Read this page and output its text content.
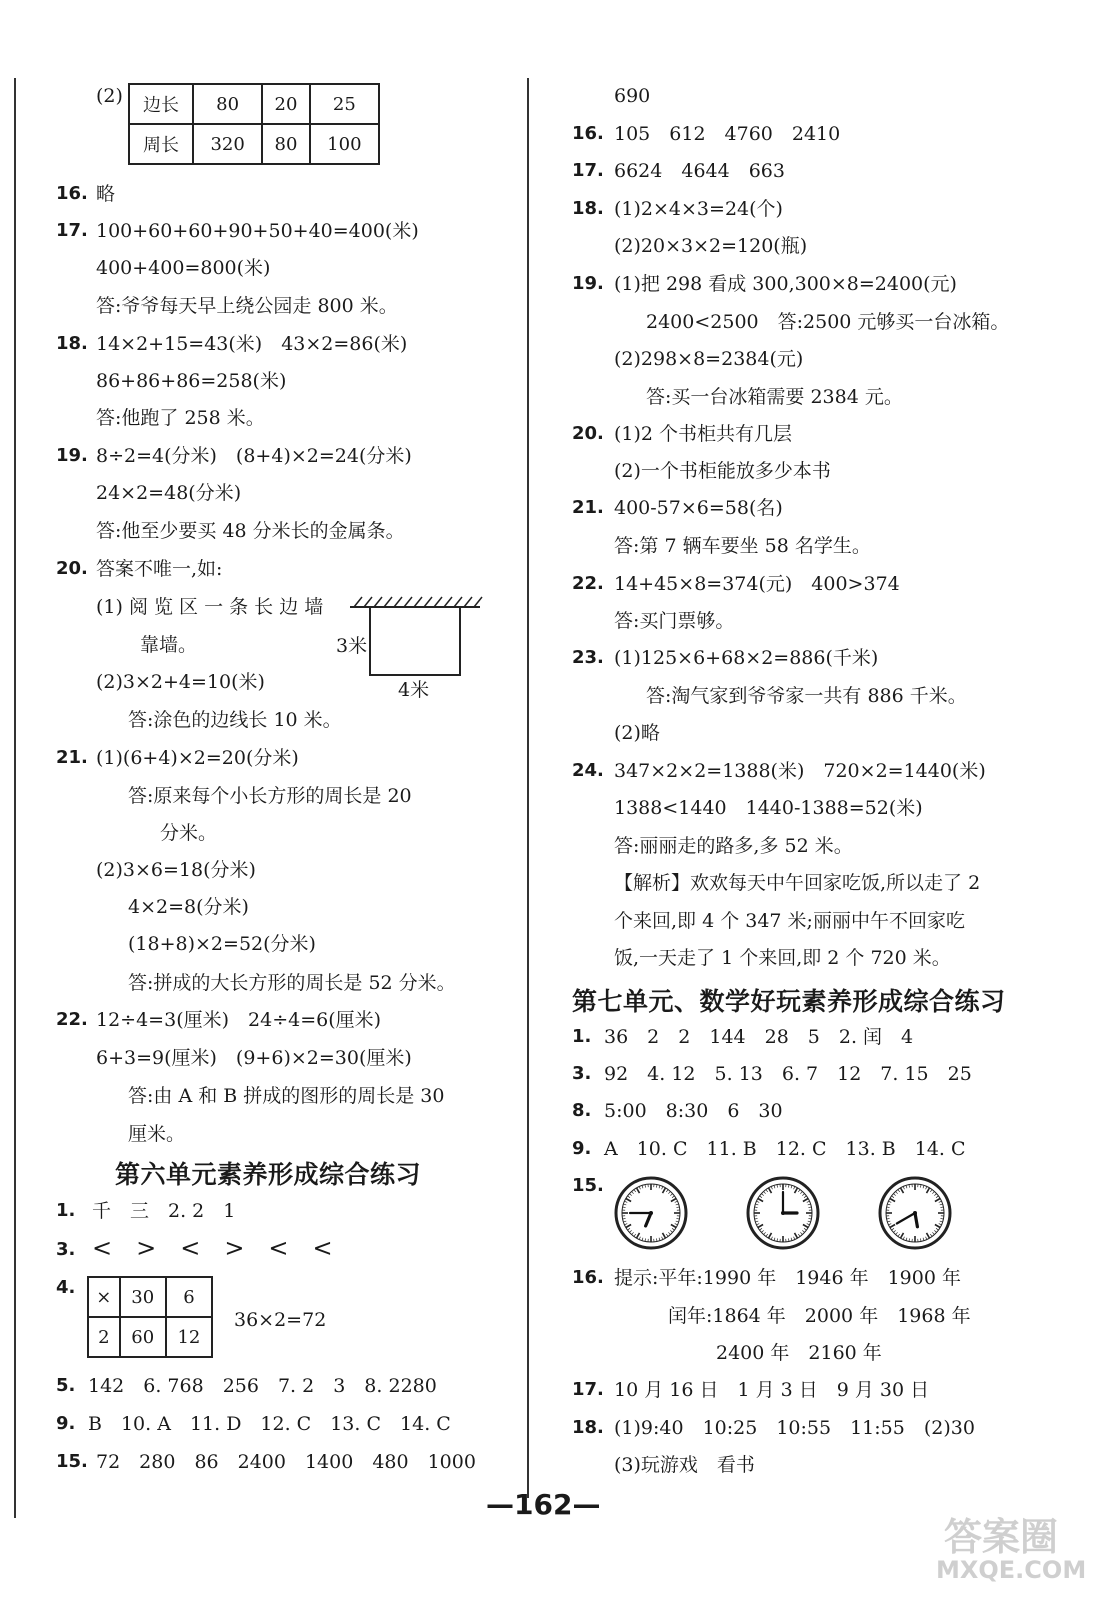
(2) 边长	80	20	25
周长	320	80	100
16. 略
17. 100+60+60+90+50+40=400(米)
400+400=800(米)
答:爷爷每天早上绕公园走 800 米。
18. 14×2+15=43(米)　43×2=86(米)
86+86+86=258(米)
答:他跑了 258 米。
19. 8÷2=4(分米)　(8+4)×2=24(分米)
24×2=48(分米)
答:他至少要买 48 分米长的金属条。
20. 答案不唯一,如:
(1) 阅 览 区 一 条 长 边 墙
靠墙。	3米
4米
(2)3×2+4=10(米)
答:涂色的边线长 10 米。
21. (1)(6+4)×2=20(分米)
答:原来每个小长方形的周长是 20
分米。
(2)3×6=18(分米)
4×2=8(分米)
(18+8)×2=52(分米)
答:拼成的大长方形的周长是 52 分米。
22. 12÷4=3(厘米)　24÷4=6(厘米)
6+3=9(厘米)　(9+6)×2=30(厘米)
答:由 A 和 B 拼成的图形的周长是 30
厘米。
第六单元素养形成综合练习
1. 千　三　2. 2　1
3. <　>　<　>　<　<
4. ×	30	6
2	60	12
36×2=72
5. 142　6. 768　256　7. 2　3　8. 2280
9. B　10. A　11. D　12. C　13. C　14. C
15. 72　280　86　2400　1400　480　1000
690
16. 105　612　4760　2410
17. 6624　4644　663
18. (1)2×4×3=24(个)
(2)20×3×2=120(瓶)
19. (1)把 298 看成 300,300×8=2400(元)
2400<2500　答:2500 元够买一台冰箱。
(2)298×8=2384(元)
答:买一台冰箱需要 2384 元。
20. (1)2 个书柜共有几层
(2)一个书柜能放多少本书
21. 400-57×6=58(名)
答:第 7 辆车要坐 58 名学生。
22. 14+45×8=374(元)　400>374
答:买门票够。
23. (1)125×6+68×2=886(千米)
答:淘气家到爷爷家一共有 886 千米。
(2)略
24. 347×2×2=1388(米)　720×2=1440(米)
1388<1440　1440-1388=52(米)
答:丽丽走的路多,多 52 米。
【解析】欢欢每天中午回家吃饭,所以走了 2
个来回,即 4 个 347 米;丽丽中午不回家吃
饭,一天走了 1 个来回,即 2 个 720 米。
第七单元、数学好玩素养形成综合练习
1. 36　2　2　144　28　5　2. 闰　4
3. 92　4. 12　5. 13　6. 7　12　7. 15　25
8. 5:00　8:30　6　30
9. A　10. C　11. B　12. C　13. B　14. C
15.
16. 提示:平年:1990 年　1946 年　1900 年
闰年:1864 年　2000 年　1968 年
2400 年　2160 年
17. 10 月 16 日　1 月 3 日　9 月 30 日
18. (1)9:40　10:25　10:55　11:55　(2)30
(3)玩游戏　看书
—162—
答案圈
MXQE.COM
